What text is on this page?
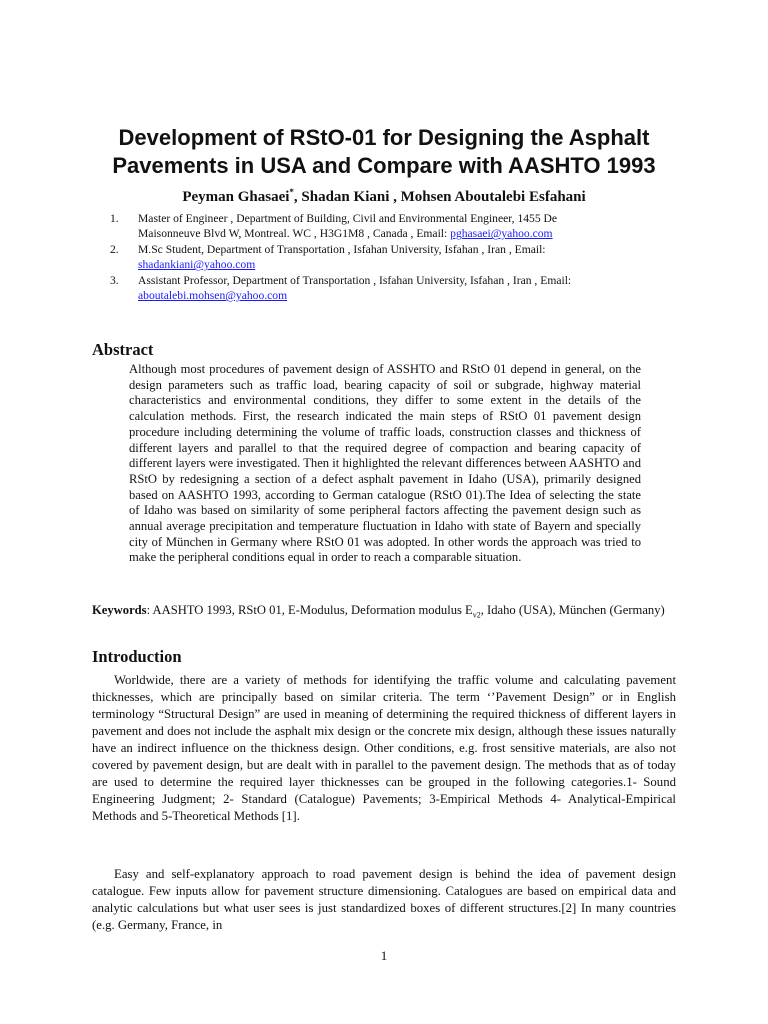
Development of RStO-01 for Designing the Asphalt Pavements in USA and Compare with AASHTO 1993

Peyman Ghasaei*, Shadan Kiani , Mohsen Aboutalebi Esfahani

1. Master of Engineer , Department of Building, Civil and Environmental Engineer, 1455 De Maisonneuve Blvd W, Montreal. WC , H3G1M8 , Canada , Email: pghasaei@yahoo.com
2. M.Sc Student, Department of Transportation , Isfahan University, Isfahan , Iran , Email: shadankiani@yahoo.com
3. Assistant Professor, Department of Transportation , Isfahan University, Isfahan , Iran , Email: aboutalebi.mohsen@yahoo.com
Abstract

Although most procedures of pavement design of ASSHTO and RStO 01 depend in general, on the design parameters such as traffic load, bearing capacity of soil or subgrade, highway material characteristics and environmental conditions, they differ to some extent in the details of the calculation methods. First, the research indicated the main steps of RStO 01 pavement design procedure including determining the volume of traffic loads, construction classes and thickness of different layers and parallel to that the required degree of compaction and bearing capacity of different layers were investigated. Then it highlighted the relevant differences between AASHTO and RStO by redesigning a section of a defect asphalt pavement in Idaho (USA), primarily designed based on AASHTO 1993, according to German catalogue (RStO 01).The Idea of selecting the state of Idaho was based on similarity of some peripheral factors affecting the pavement design such as annual average precipitation and temperature fluctuation in Idaho with state of Bayern and specially city of München in Germany where RStO 01 was adopted. In other words the approach was tried to make the peripheral conditions equal in order to reach a comparable situation.

Keywords: AASHTO 1993, RStO 01, E-Modulus, Deformation modulus $E_{v2}$, Idaho (USA), München (Germany)

Introduction

Worldwide, there are a variety of methods for identifying the traffic volume and calculating pavement thicknesses, which are principally based on similar criteria. The term ‘’Pavement Design” or in English terminology “Structural Design” are used in meaning of determining the required thickness of different layers in pavement and does not include the asphalt mix design or the concrete mix design, although these issues naturally have an indirect influence on the thickness design. Other conditions, e.g. frost sensitive materials, are also not covered by pavement design, but are dealt with in parallel to the pavement design. The methods that as of today are used to determine the required layer thicknesses can be grouped in the following categories.1- Sound Engineering Judgment; 2- Standard (Catalogue) Pavements; 3-Empirical Methods 4- Analytical-Empirical Methods and 5-Theoretical Methods [1].

Easy and self-explanatory approach to road pavement design is behind the idea of pavement design catalogue. Few inputs allow for pavement structure dimensioning. Catalogues are based on empirical data and analytic calculations but what user sees is just standardized boxes of different structures.[2] In many countries (e.g. Germany, France, in

1
